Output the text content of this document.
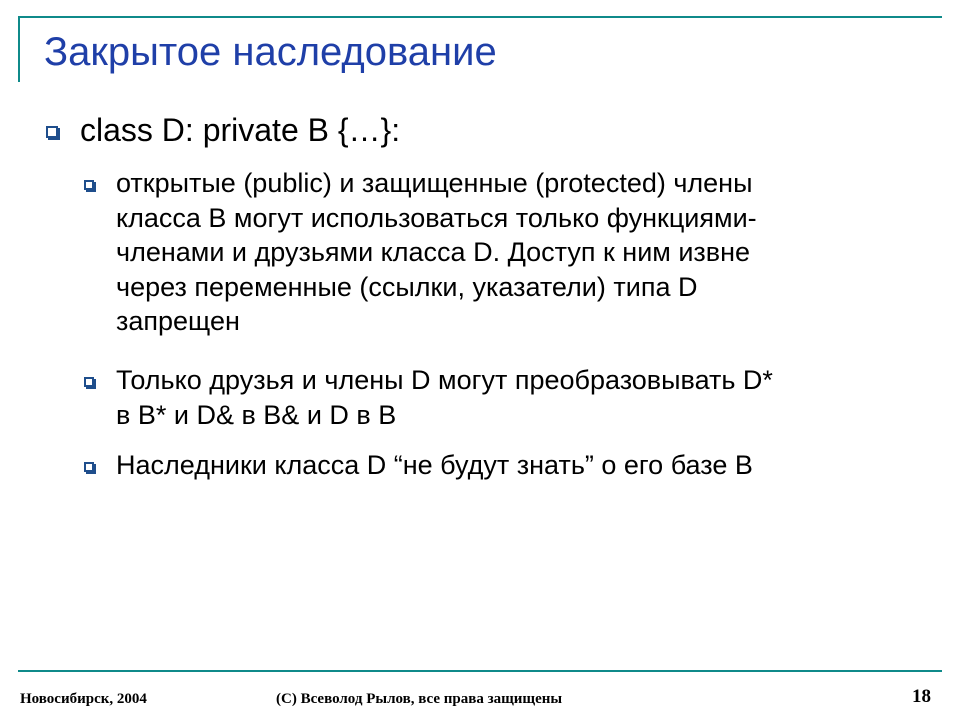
Закрытое наследование

class D: private B {…}:

открытые (public) и защищенные (protected) члены
класса B могут использоваться только функциями-
членами и друзьями класса D. Доступ к ним извне
через переменные (ссылки, указатели) типа D
запрещен

Только друзья и члены D могут преобразовывать D*
в B* и D& в B& и D в B

Наследники класса D “не будут знать” о его базе B

Новосибирск, 2004	(C) Всеволод Рылов, все права защищены	18
